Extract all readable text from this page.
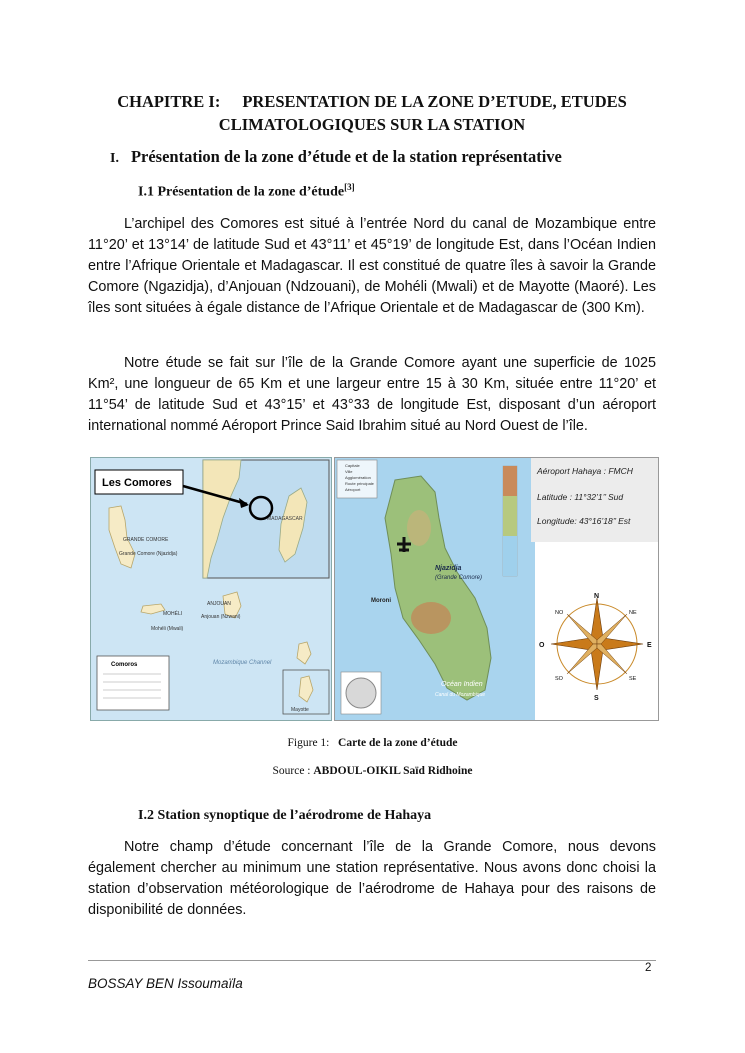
CHAPITRE I: PRESENTATION DE LA ZONE D’ETUDE, ETUDES
CLIMATOLOGIQUES SUR LA STATION
I. Présentation de la zone d’étude et de la station représentative
I.1 Présentation de la zone d’étude[3]

L’archipel des Comores est situé à l’entrée Nord du canal de Mozambique entre 11°20’ et 13°14’ de latitude Sud et 43°11’ et 45°19’ de longitude Est, dans l’Océan Indien entre l’Afrique Orientale et Madagascar. Il est constitué de quatre îles à savoir la Grande Comore (Ngazidja), d’Anjouan (Ndzouani), de Mohéli (Mwali) et de Mayotte (Maoré). Les îles sont situées à égale distance de l’Afrique Orientale et de Madagascar de (300 Km).

Notre étude se fait sur l’île de la Grande Comore ayant une superficie de 1025 Km², une longueur de 65 Km et une largeur entre 15 à 30 Km, située entre 11°20’ et 11°54’ de latitude Sud et 43°15’ et 43°33 de longitude Est, disposant d’un aéroport international nommé Aéroport Prince Said Ibrahim situé au Nord Ouest de l’île.

MADAGASCAR
Les Comores
GRANDE COMORE
Grande Comore (Njazidja)
MOHÉLI
Mohéli (Mwali)
ANJOUAN
Anjouan (Nzwani)
Mozambique Channel
Comoros
Mayotte
Njazidja
(Grande Comore)
Moroni
Capitale
Ville
Agglomération
Route principale
Aéroport
Océan Indien
Canal du Mozambique
Aéroport Hahaya : FMCH
Latitude : 11°32’1’’ Sud
Longitude: 43°16’18’’ Est
N
S
O	E
NO	NE
SO	SE
Figure 1: Carte de la zone d’étude
Source : ABDOUL-OIKIL Saïd Ridhoine
I.2 Station synoptique de l’aérodrome de Hahaya

Notre champ d’étude concernant l’île de la Grande Comore, nous devons également chercher au minimum une station représentative. Nous avons donc choisi la station d’observation météorologique de l’aérodrome de Hahaya pour des raisons de disponibilité de données.

2
BOSSAY BEN Issoumaïla
